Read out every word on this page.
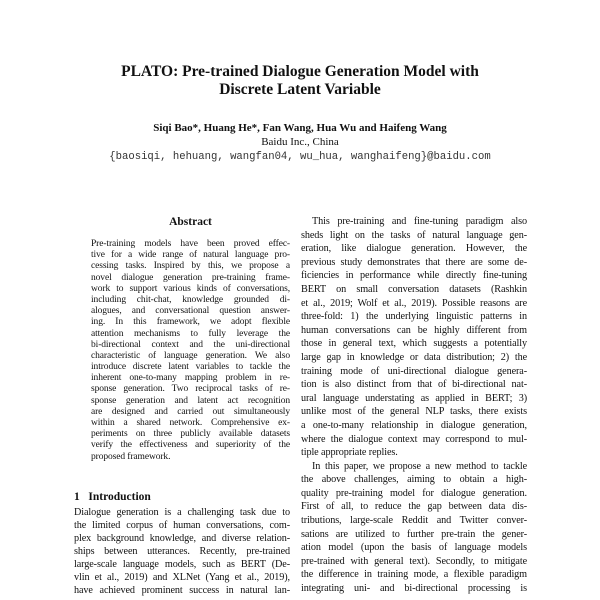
PLATO: Pre-trained Dialogue Generation Model with
Discrete Latent Variable
Siqi Bao*, Huang He*, Fan Wang, Hua Wu and Haifeng Wang
Baidu Inc., China
{baosiqi, hehuang, wangfan04, wu_hua, wanghaifeng}@baidu.com
Abstract
Pre-training models have been proved effec-
tive for a wide range of natural language pro-
cessing tasks. Inspired by this, we propose a
novel dialogue generation pre-training frame-
work to support various kinds of conversations,
including chit-chat, knowledge grounded di-
alogues, and conversational question answer-
ing. In this framework, we adopt flexible
attention mechanisms to fully leverage the
bi-directional context and the uni-directional
characteristic of language generation. We also
introduce discrete latent variables to tackle the
inherent one-to-many mapping problem in re-
sponse generation. Two reciprocal tasks of re-
sponse generation and latent act recognition
are designed and carried out simultaneously
within a shared network. Comprehensive ex-
periments on three publicly available datasets
verify the effectiveness and superiority of the
proposed framework.
1 Introduction
Dialogue generation is a challenging task due to
the limited corpus of human conversations, com-
plex background knowledge, and diverse relation-
ships between utterances. Recently, pre-trained
large-scale language models, such as BERT (De-
vlin et al., 2019) and XLNet (Yang et al., 2019),
have achieved prominent success in natural lan-
This pre-training and fine-tuning paradigm also
sheds light on the tasks of natural language gen-
eration, like dialogue generation. However, the
previous study demonstrates that there are some de-
ficiencies in performance while directly fine-tuning
BERT on small conversation datasets (Rashkin
et al., 2019; Wolf et al., 2019). Possible reasons are
three-fold: 1) the underlying linguistic patterns in
human conversations can be highly different from
those in general text, which suggests a potentially
large gap in knowledge or data distribution; 2) the
training mode of uni-directional dialogue genera-
tion is also distinct from that of bi-directional nat-
ural language understating as applied in BERT; 3)
unlike most of the general NLP tasks, there exists
a one-to-many relationship in dialogue generation,
where the dialogue context may correspond to mul-
tiple appropriate replies.
In this paper, we propose a new method to tackle
the above challenges, aiming to obtain a high-
quality pre-training model for dialogue generation.
First of all, to reduce the gap between data dis-
tributions, large-scale Reddit and Twitter conver-
sations are utilized to further pre-train the gener-
ation model (upon the basis of language models
pre-trained with general text). Secondly, to mitigate
the difference in training mode, a flexible paradigm
integrating uni- and bi-directional processing is
